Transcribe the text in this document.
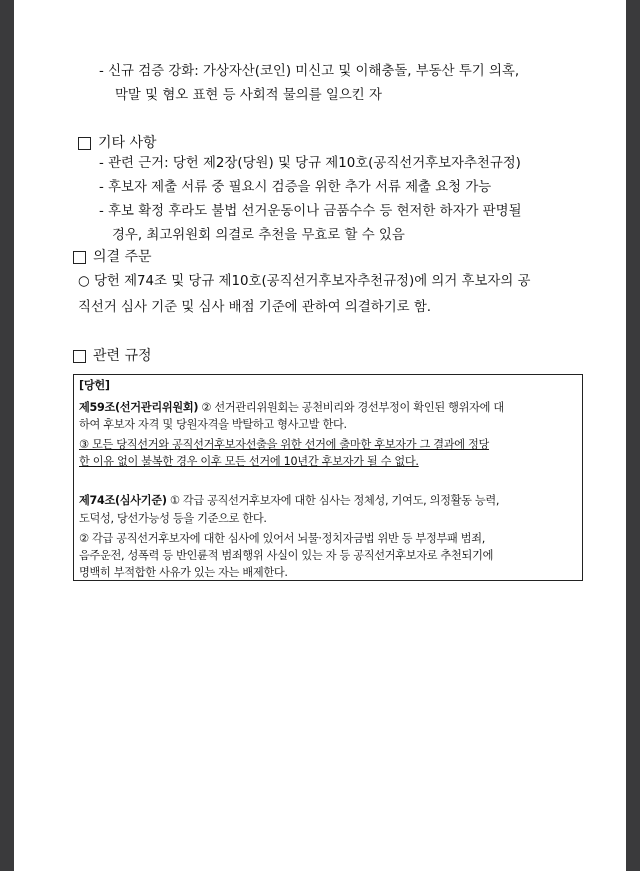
- 신규 검증 강화: 가상자산(코인) 미신고 및 이해충돌, 부동산 투기 의혹,
막말 및 혐오 표현 등 사회적 물의를 일으킨 자
기타 사항
- 관련 근거: 당헌 제2장(당원) 및 당규 제10호(공직선거후보자추천규정)
- 후보자 제출 서류 중 필요시 검증을 위한 추가 서류 제출 요청 가능
- 후보 확정 후라도 불법 선거운동이나 금품수수 등 현저한 하자가 판명될
경우, 최고위원회 의결로 추천을 무효로 할 수 있음
의결 주문
○ 당헌 제74조 및 당규 제10호(공직선거후보자추천규정)에 의거 후보자의 공
직선거 심사 기준 및 심사 배점 기준에 관하여 의결하기로 함.
관련 규정
[당헌]
제59조(선거관리위원회) ② 선거관리위원회는 공천비리와 경선부정이 확인된 행위자에 대
하여 후보자 자격 및 당원자격을 박탈하고 형사고발 한다.
③ 모든 당직선거와 공직선거후보자선출을 위한 선거에 출마한 후보자가 그 결과에 정당
한 이유 없이 불복한 경우 이후 모든 선거에 10년간 후보자가 될 수 없다.
제74조(심사기준) ① 각급 공직선거후보자에 대한 심사는 정체성, 기여도, 의정활동 능력,
도덕성, 당선가능성 등을 기준으로 한다.
② 각급 공직선거후보자에 대한 심사에 있어서 뇌물·정치자금법 위반 등 부정부패 범죄,
음주운전, 성폭력 등 반인륜적 범죄행위 사실이 있는 자 등 공직선거후보자로 추천되기에
명백히 부적합한 사유가 있는 자는 배제한다.
